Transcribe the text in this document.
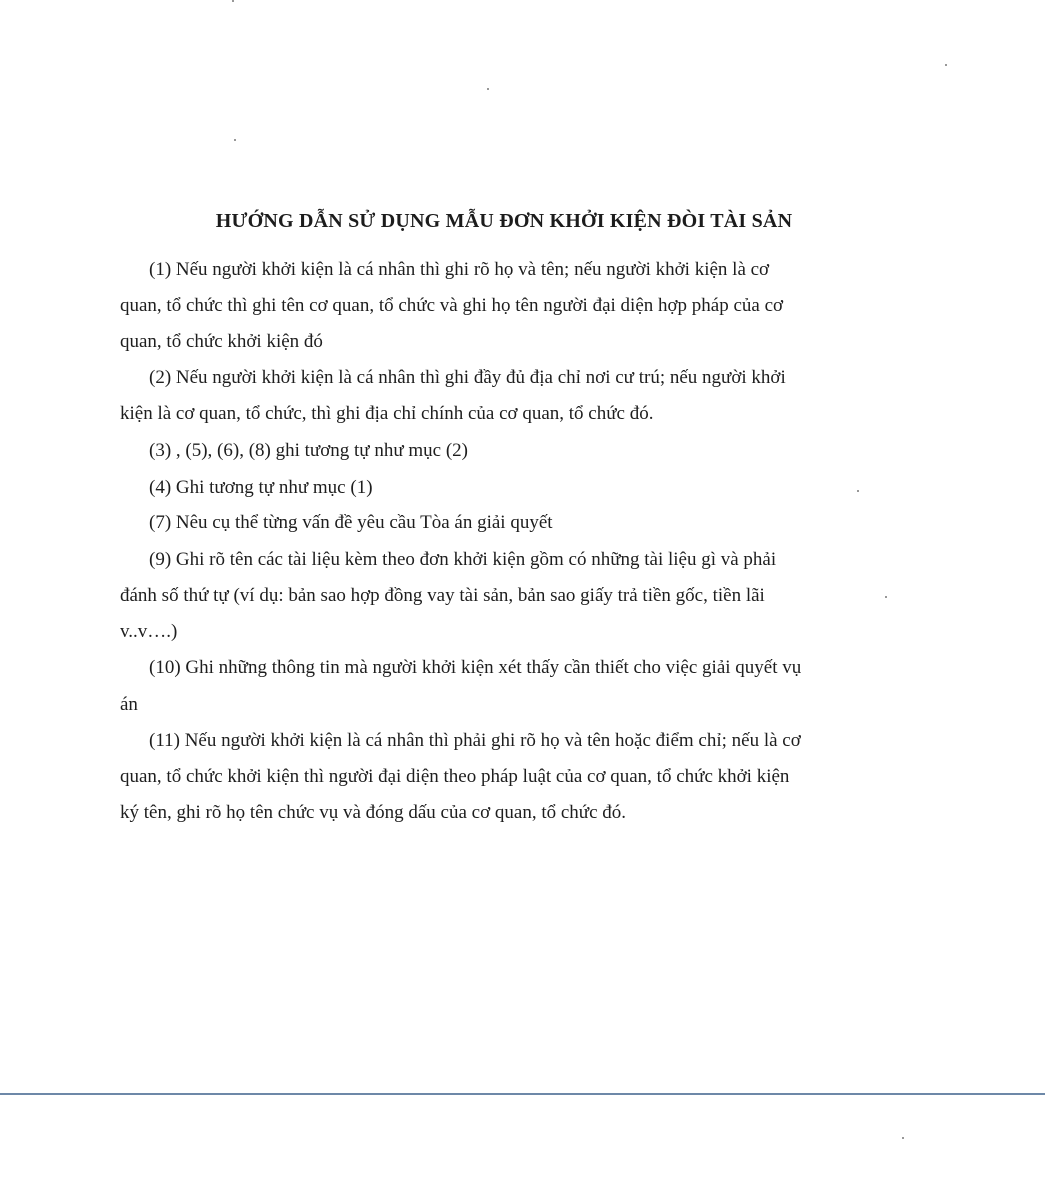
HƯỚNG DẪN SỬ DỤNG MẪU ĐƠN KHỞI KIỆN ĐÒI TÀI SẢN
(1) Nếu người khởi kiện là cá nhân thì ghi rõ họ và tên; nếu người khởi kiện là cơ
quan, tổ chức thì ghi tên cơ quan, tổ chức và ghi họ tên người đại diện hợp pháp của cơ
quan, tổ chức khởi kiện đó
(2) Nếu người khởi kiện là cá nhân thì ghi đầy đủ địa chỉ nơi cư trú; nếu người khởi
kiện là cơ quan, tổ chức, thì ghi địa chỉ chính của cơ quan, tổ chức đó.
(3) , (5), (6), (8) ghi tương tự như mục (2)
(4) Ghi tương tự như mục (1)
(7) Nêu cụ thể từng vấn đề yêu cầu Tòa án giải quyết
(9) Ghi rõ tên các tài liệu kèm theo đơn khởi kiện gồm có những tài liệu gì và phải
đánh số thứ tự (ví dụ: bản sao hợp đồng vay tài sản, bản sao giấy trả tiền gốc, tiền lãi
v..v….)
(10) Ghi những thông tin mà người khởi kiện xét thấy cần thiết cho việc giải quyết vụ
án
(11) Nếu người khởi kiện là cá nhân thì phải ghi rõ họ và tên hoặc điểm chỉ; nếu là cơ
quan, tổ chức khởi kiện thì người đại diện theo pháp luật của cơ quan, tổ chức khởi kiện
ký tên, ghi rõ họ tên chức vụ và đóng dấu của cơ quan, tổ chức đó.
